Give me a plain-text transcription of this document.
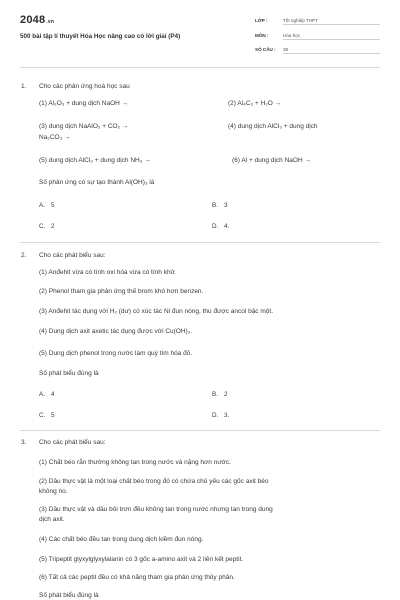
2048.vn
500 bài tập lí thuyết Hóa Học nâng cao có lời giải (P4)
LỚP :	Tốt nghiệp THPT
MÔN :	Hóa học
SỐ CÂU : 38
1. Cho các phản ứng hoá học sau
(1) Al₂O₃ + dung dịch NaOH →	(2) Al₄C₃ + H₂O →
(3) dung dịch NaAlO₂ + CO₂ →	(4) dung dịch AlCl₃ + dung dịch
Na₂CO₃ →
(5) dung dịch AlCl₃ + dung dịch NH₃ →	(6) Al + dung dịch NaOH →
Số phản ứng có sự tạo thành Al(OH)₃ là
A. 5	B. 3
C. 2	D. 4.
2. Cho các phát biểu sau:
(1) Anđehit vừa có tính oxi hóa vừa có tính khử.
(2) Phenol tham gia phản ứng thế brom khó hơn benzen.
(3) Anđehit tác dụng với H₂ (dư) có xúc tác Ni đun nóng, thu được ancol bậc một.
(4) Dung dịch axit axetic tác dụng được với Cu(OH)₂.
(5) Dung dịch phenol trong nước làm quỳ tím hóa đỏ.
Số phát biểu đúng là
A. 4	B. 2
C. 5	D. 3.
3. Cho các phát biểu sau:
(1) Chất béo rắn thường không tan trong nước và nặng hơn nước.
(2) Dầu thực vật là một loại chất béo trong đó có chứa chủ yếu các gốc axit béo
không no.
(3) Dầu thực vật và dầu bôi trơn đều không tan trong nước nhưng tan trong dung
dịch axit.
(4) Các chất béo đều tan trong dung dịch kiềm đun nóng.
(5) Tripeptit glyxylglyxylalanin có 3 gốc a-amino axit và 2 liên kết peptit.
(6) Tất cả các peptit đều có khả năng tham gia phản ứng thủy phân.
Số phát biểu đúng là
